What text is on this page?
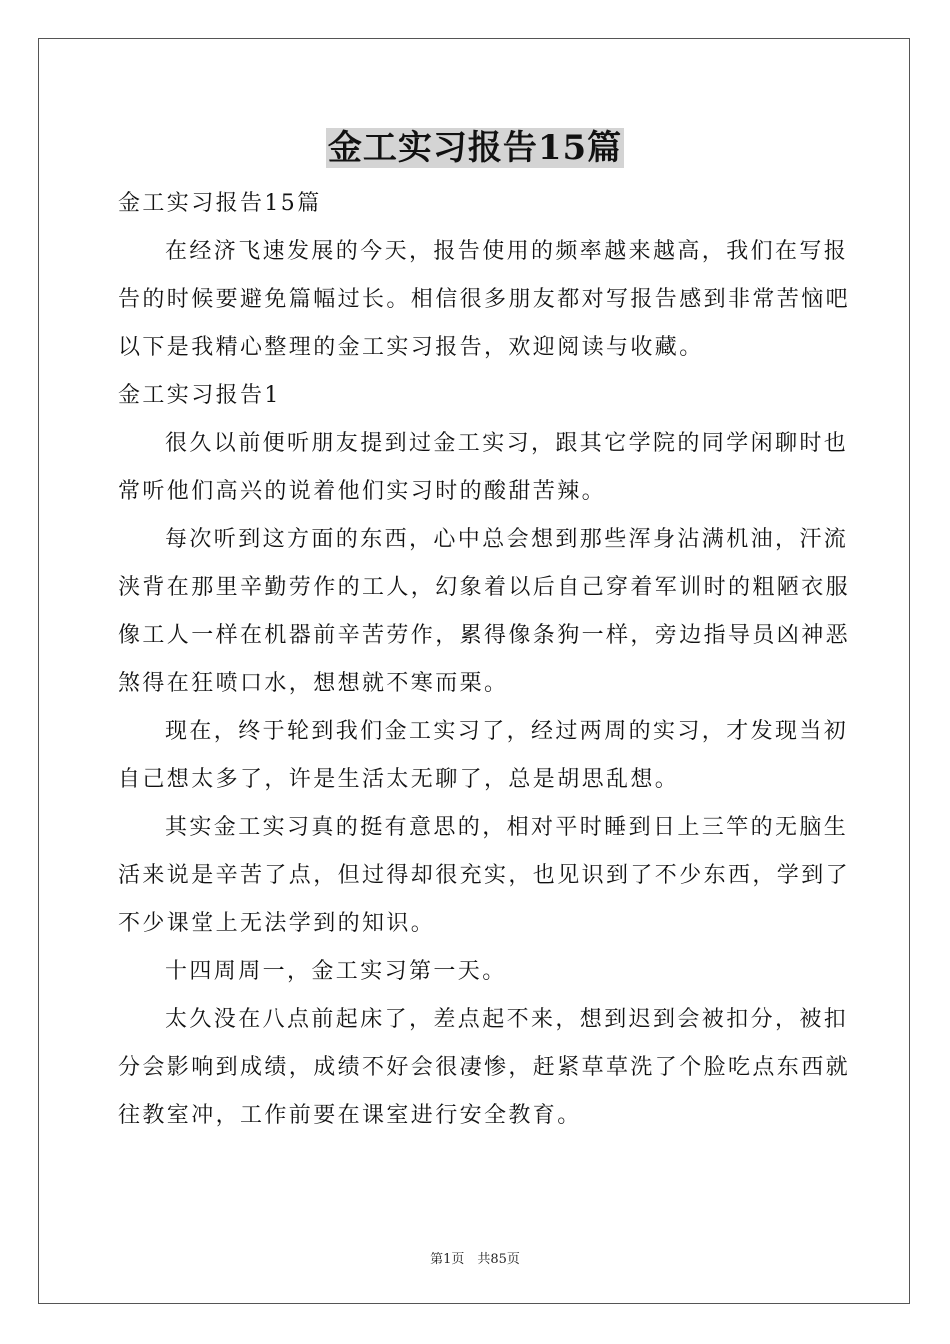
金工实习报告15篇
金工实习报告15篇
在经济飞速发展的今天，报告使用的频率越来越高，我们在写报
告的时候要避免篇幅过长。相信很多朋友都对写报告感到非常苦恼吧
以下是我精心整理的金工实习报告，欢迎阅读与收藏。
金工实习报告1
很久以前便听朋友提到过金工实习，跟其它学院的同学闲聊时也
常听他们高兴的说着他们实习时的酸甜苦辣。
每次听到这方面的东西，心中总会想到那些浑身沾满机油，汗流
浃背在那里辛勤劳作的工人，幻象着以后自己穿着军训时的粗陋衣服
像工人一样在机器前辛苦劳作，累得像条狗一样，旁边指导员凶神恶
煞得在狂喷口水，想想就不寒而栗。
现在，终于轮到我们金工实习了，经过两周的实习，才发现当初
自己想太多了，许是生活太无聊了，总是胡思乱想。
其实金工实习真的挺有意思的，相对平时睡到日上三竿的无脑生
活来说是辛苦了点，但过得却很充实，也见识到了不少东西，学到了
不少课堂上无法学到的知识。
十四周周一，金工实习第一天。
太久没在八点前起床了，差点起不来，想到迟到会被扣分，被扣
分会影响到成绩，成绩不好会很凄惨，赶紧草草洗了个脸吃点东西就
往教室冲，工作前要在课室进行安全教育。
第1页　共85页
